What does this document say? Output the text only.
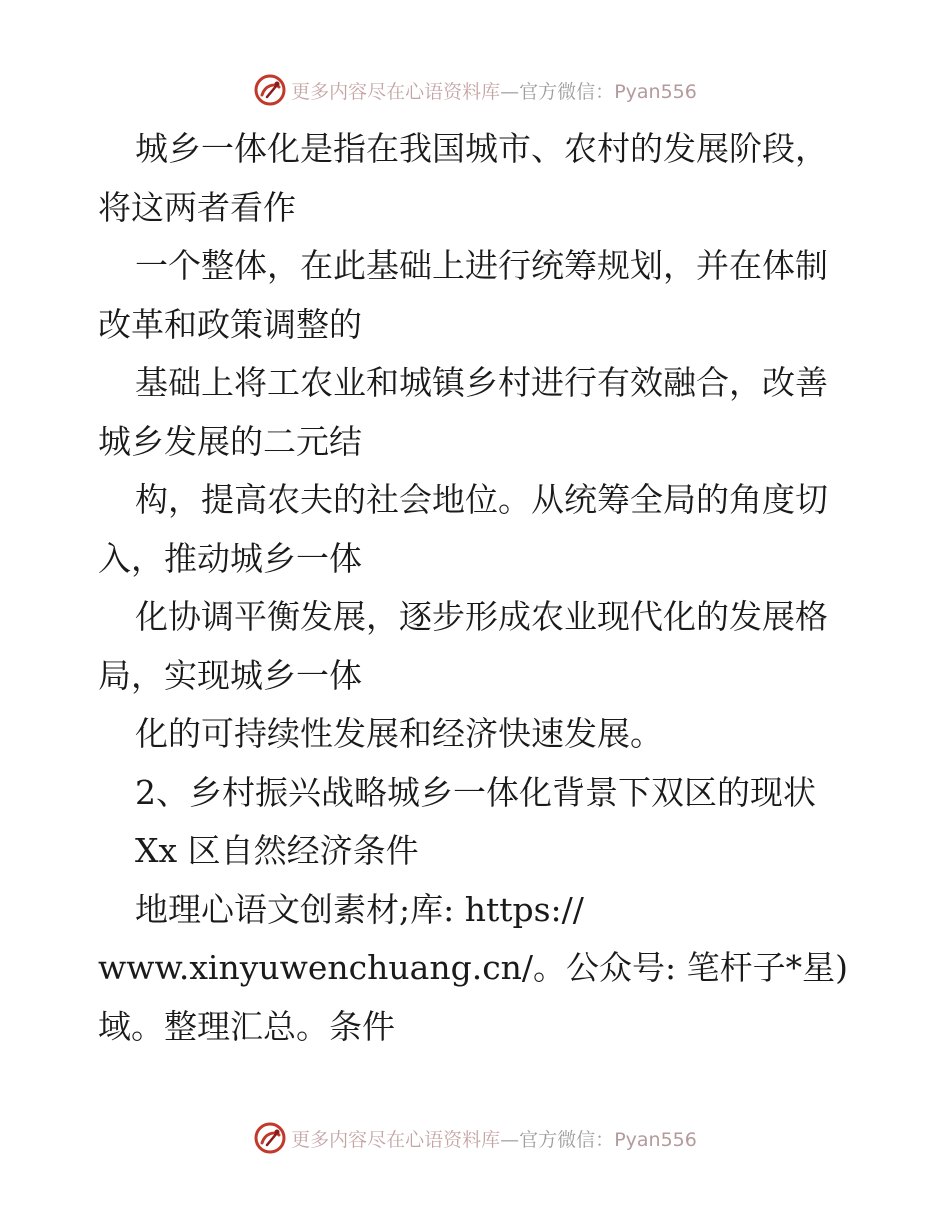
更多内容尽在心语资料库—官方微信：Pyan556
城乡一体化是指在我国城市、农村的发展阶段，
将这两者看作
一个整体，在此基础上进行统筹规划，并在体制
改革和政策调整的
基础上将工农业和城镇乡村进行有效融合，改善
城乡发展的二元结
构，提高农夫的社会地位。从统筹全局的角度切
入，推动城乡一体
化协调平衡发展，逐步形成农业现代化的发展格
局，实现城乡一体
化的可持续性发展和经济快速发展。
2、乡村振兴战略城乡一体化背景下双区的现状
Xx 区自然经济条件
地理心语文创素材;库: https://
www.xinyuwenchuang.cn/。公众号: 笔杆子*星)
域。整理汇总。条件
更多内容尽在心语资料库—官方微信：Pyan556
